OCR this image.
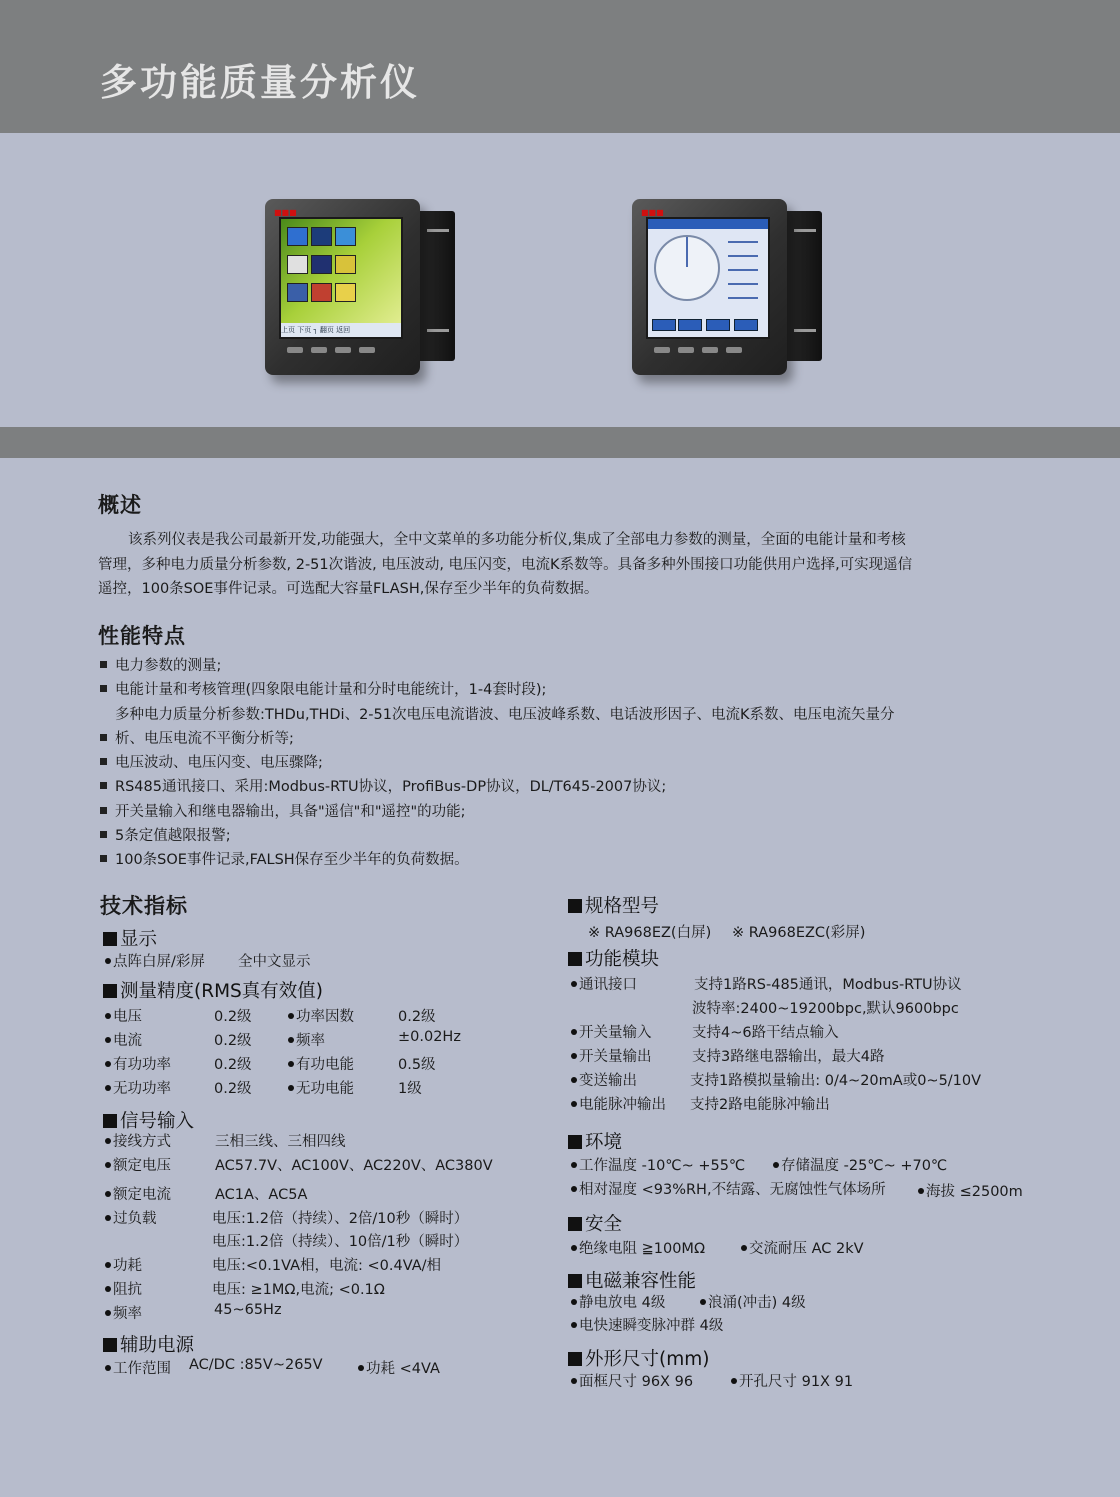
多功能质量分析仪
■■■
上页 下页 ┐ 翻页 返回
■■■
概述

该系列仪表是我公司最新开发,功能强大，全中文菜单的多功能分析仪,集成了全部电力参数的测量，全面的电能计量和考核

管理，多种电力质量分析参数, 2-51次谐波, 电压波动, 电压闪变，电流K系数等。具备多种外围接口功能供用户选择,可实现遥信

遥控，100条SOE事件记录。可选配大容量FLASH,保存至少半年的负荷数据。

性能特点
电力参数的测量;
电能计量和考核管理(四象限电能计量和分时电能统计，1-4套时段);
多种电力质量分析参数:THDu,THDi、2-51次电压电流谐波、电压波峰系数、电话波形因子、电流K系数、电压电流矢量分
析、电压电流不平衡分析等;
电压波动、电压闪变、电压骤降;
RS485通讯接口、采用:Modbus-RTU协议，ProfiBus-DP协议，DL/T645-2007协议;
开关量输入和继电器输出，具备"遥信"和"遥控"的功能;
5条定值越限报警;
100条SOE事件记录,FALSH保存至少半年的负荷数据。
技术指标
显示
点阵白屏/彩屏 全中文显示
测量精度(RMS真有效值)
电压	0.2级	功率因数	0.2级
电流	0.2级	频率	±0.02Hz
有功功率	0.2级	有功电能	0.5级
无功功率	0.2级	无功电能	1级
信号输入
接线方式	三相三线、三相四线
额定电压	AC57.7V、AC100V、AC220V、AC380V
额定电流	AC1A、AC5A
过负载	电压:1.2倍（持续）、2倍/10秒（瞬时）
电压:1.2倍（持续）、10倍/1秒（瞬时）
功耗	电压:<0.1VA相，电流: <0.4VA/相
阻抗	电压: ≥1MΩ,电流; <0.1Ω
频率	45~65Hz
辅助电源
工作范围 AC/DC :85V~265V	功耗 <4VA
规格型号
※ RA968EZ(白屏) ※ RA968EZC(彩屏)
功能模块
通讯接口	支持1路RS-485通讯，Modbus-RTU协议
波特率:2400~19200bpc,默认9600bpc
开关量输入	支持4~6路干结点输入
开关量输出	支持3路继电器输出，最大4路
变送输出	支持1路模拟量输出: 0/4~20mA或0~5/10V
电能脉冲输出 支持2路电能脉冲输出
环境
工作温度 -10℃~ +55℃	存储温度 -25℃~ +70℃
相对湿度 <93%RH,不结露、无腐蚀性气体场所	海拔 ≤2500m
安全
绝缘电阻 ≧100MΩ	交流耐压 AC 2kV
电磁兼容性能
静电放电 4级	浪涌(冲击) 4级
电快速瞬变脉冲群 4级
外形尺寸(mm)
面框尺寸 96X 96	开孔尺寸 91X 91
